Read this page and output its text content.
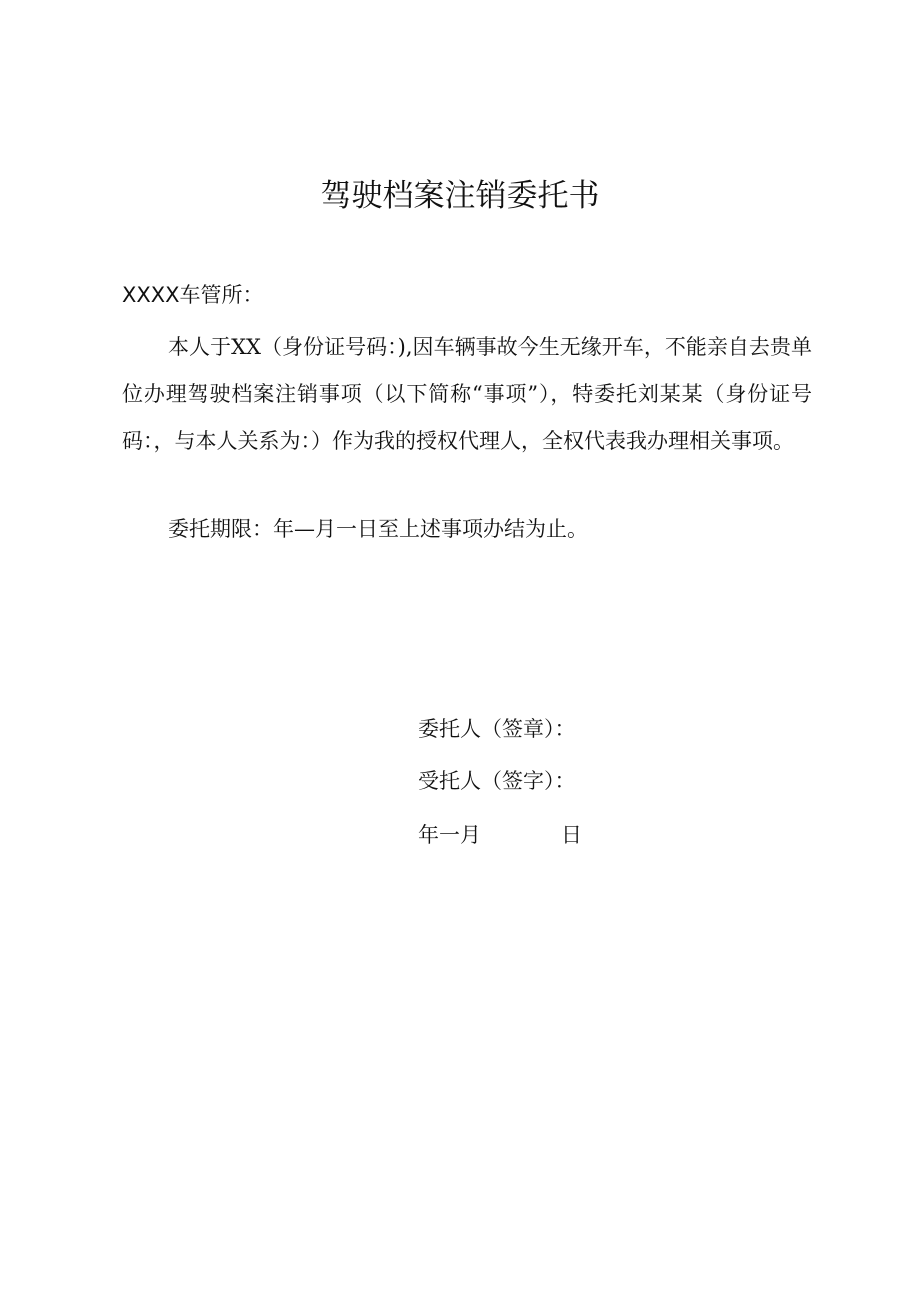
驾驶档案注销委托书

XXXX车管所：

本人于XX（身份证号码：),因车辆事故今生无缘开车，不能亲自去贵单位办理驾驶档案注销事项（以下简称“事项”），特委托刘某某（身份证号码：，与本人关系为：）作为我的授权代理人，全权代表我办理相关事项。

委托期限：年—月一日至上述事项办结为止。

委托人（签章）：

受托人（签字）：

年一月	日
